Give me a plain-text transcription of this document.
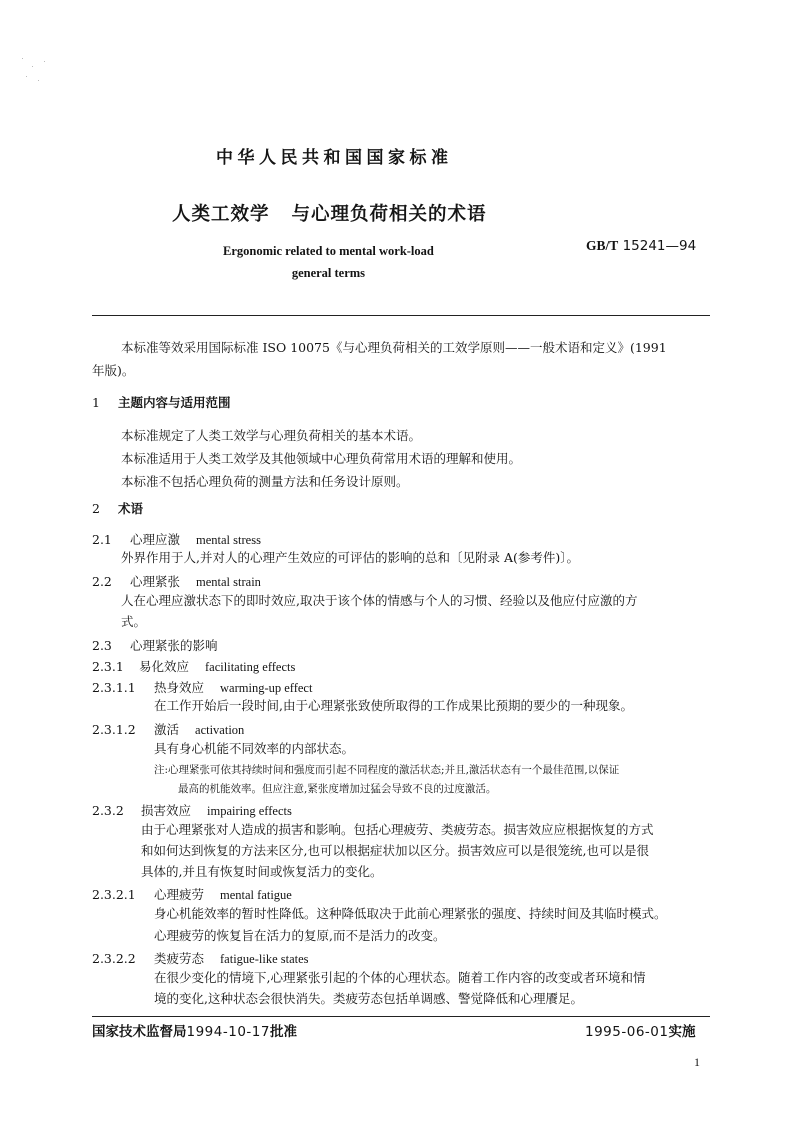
中华人民共和国国家标准
人类工效学 与心理负荷相关的术语
Ergonomic related to mental work-load
general terms
GB/T 15241—94
本标准等效采用国际标准 ISO 10075《与心理负荷相关的工效学原则——一般术语和定义》(1991
年版)。
1 主题内容与适用范围
本标准规定了人类工效学与心理负荷相关的基本术语。
本标准适用于人类工效学及其他领域中心理负荷常用术语的理解和使用。
本标准不包括心理负荷的测量方法和任务设计原则。
2 术语
2.1 心理应激 mental stress
外界作用于人,并对人的心理产生效应的可评估的影响的总和〔见附录 A(参考件)〕。
2.2 心理紧张 mental strain
人在心理应激状态下的即时效应,取决于该个体的情感与个人的习惯、经验以及他应付应激的方
式。
2.3 心理紧张的影响
2.3.1 易化效应 facilitating effects
2.3.1.1 热身效应 warming-up effect
在工作开始后一段时间,由于心理紧张致使所取得的工作成果比预期的要少的一种现象。
2.3.1.2 激活 activation
具有身心机能不同效率的内部状态。
注:心理紧张可依其持续时间和强度而引起不同程度的激活状态;并且,激活状态有一个最佳范围,以保证
最高的机能效率。但应注意,紧张度增加过猛会导致不良的过度激活。
2.3.2 损害效应 impairing effects
由于心理紧张对人造成的损害和影响。包括心理疲劳、类疲劳态。损害效应应根据恢复的方式
和如何达到恢复的方法来区分,也可以根据症状加以区分。损害效应可以是很笼统,也可以是很
具体的,并且有恢复时间或恢复活力的变化。
2.3.2.1 心理疲劳 mental fatigue
身心机能效率的暂时性降低。这种降低取决于此前心理紧张的强度、持续时间及其临时模式。
心理疲劳的恢复旨在活力的复原,而不是活力的改变。
2.3.2.2 类疲劳态 fatigue-like states
在很少变化的情境下,心理紧张引起的个体的心理状态。随着工作内容的改变或者环境和情
境的变化,这种状态会很快消失。类疲劳态包括单调感、警觉降低和心理餍足。
国家技术监督局1994-10-17批准	1995-06-01实施
1
